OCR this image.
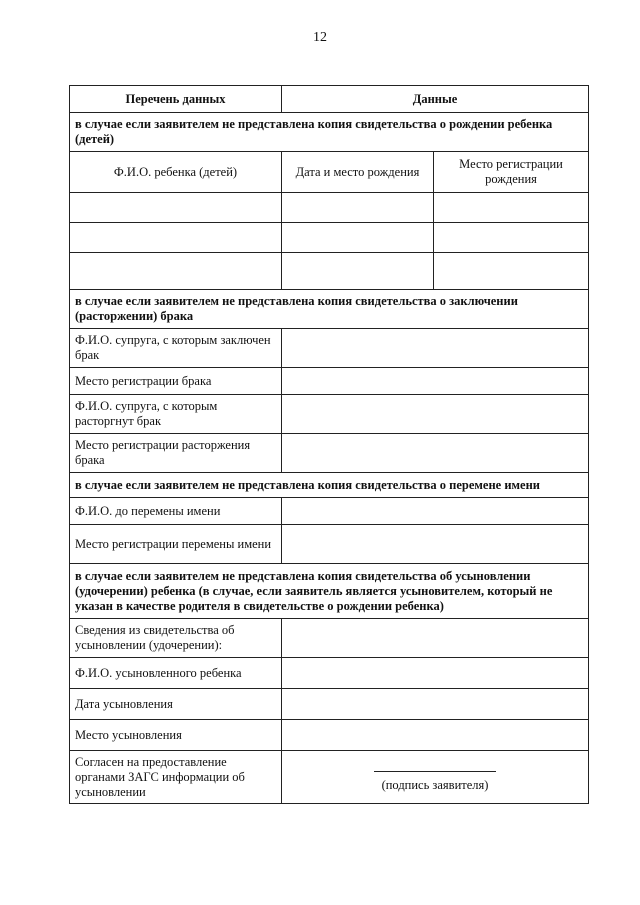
12
Перечень данных	Данные	
в случае если заявителем не представлена копия свидетельства о рождении ребенка (детей)		
Ф.И.О. ребенка (детей)	Дата и место рождения	Место регистрации рождения

в случае если заявителем не представлена копия свидетельства о заключении (расторжении) брака		
Ф.И.О. супруга, с которым заключен брак		
Место регистрации брака		
Ф.И.О. супруга, с которым расторгнут брак		
Место регистрации расторжения брака		
в случае если заявителем не представлена копия свидетельства о перемене имени		
Ф.И.О. до перемены имени		
Место регистрации перемены имени		
в случае если заявителем не представлена копия свидетельства об усыновлении (удочерении) ребенка (в случае, если заявитель является усыновителем, который не указан в качестве родителя в свидетельстве о рождении ребенка)		
Сведения из свидетельства об усыновлении (удочерении):		
Ф.И.О. усыновленного ребенка		
Дата усыновления		
Место усыновления		
Согласен на предоставление органами ЗАГС информации об усыновлении	(подпись заявителя)	
